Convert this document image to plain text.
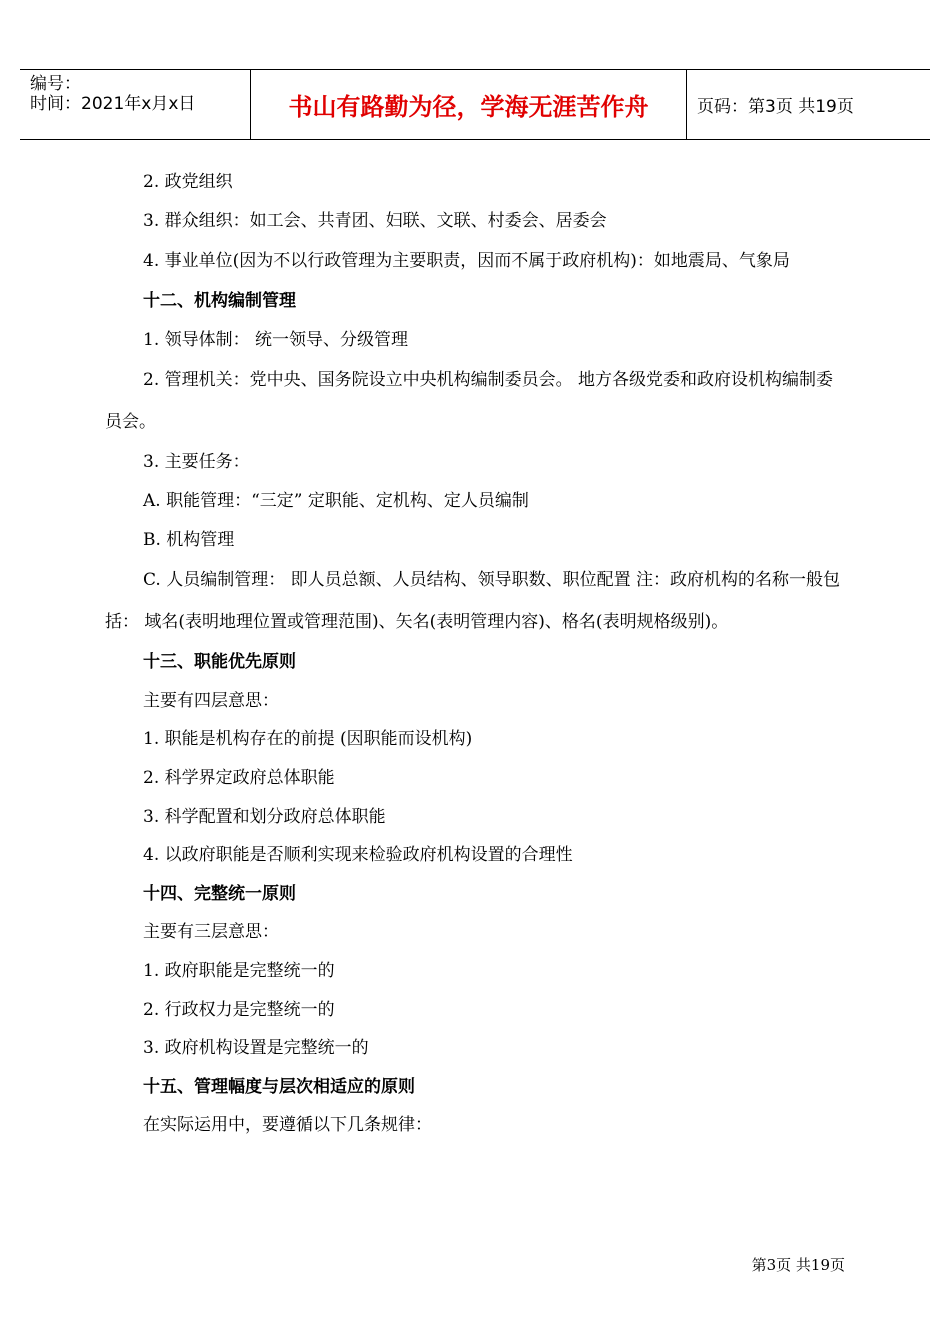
编号：
时间：2021年x月x日	书山有路勤为径，学海无涯苦作舟	页码：第3页 共19页

2. 政党组织

3. 群众组织：如工会、共青团、妇联、文联、村委会、居委会

4. 事业单位(因为不以行政管理为主要职责，因而不属于政府机构)：如地震局、气象局

十二、机构编制管理

1. 领导体制： 统一领导、分级管理

2. 管理机关：党中央、国务院设立中央机构编制委员会。 地方各级党委和政府设机构编制委员会。

3. 主要任务：

A. 职能管理：“三定” 定职能、定机构、定人员编制

B. 机构管理

C. 人员编制管理： 即人员总额、人员结构、领导职数、职位配置 注：政府机构的名称一般包括： 域名(表明地理位置或管理范围)、矢名(表明管理内容)、格名(表明规格级别)。

十三、职能优先原则

主要有四层意思：

1. 职能是机构存在的前提 (因职能而设机构)

2. 科学界定政府总体职能

3. 科学配置和划分政府总体职能

4. 以政府职能是否顺利实现来检验政府机构设置的合理性

十四、完整统一原则

主要有三层意思：

1. 政府职能是完整统一的

2. 行政权力是完整统一的

3. 政府机构设置是完整统一的

十五、管理幅度与层次相适应的原则

在实际运用中，要遵循以下几条规律：

第3页 共19页
